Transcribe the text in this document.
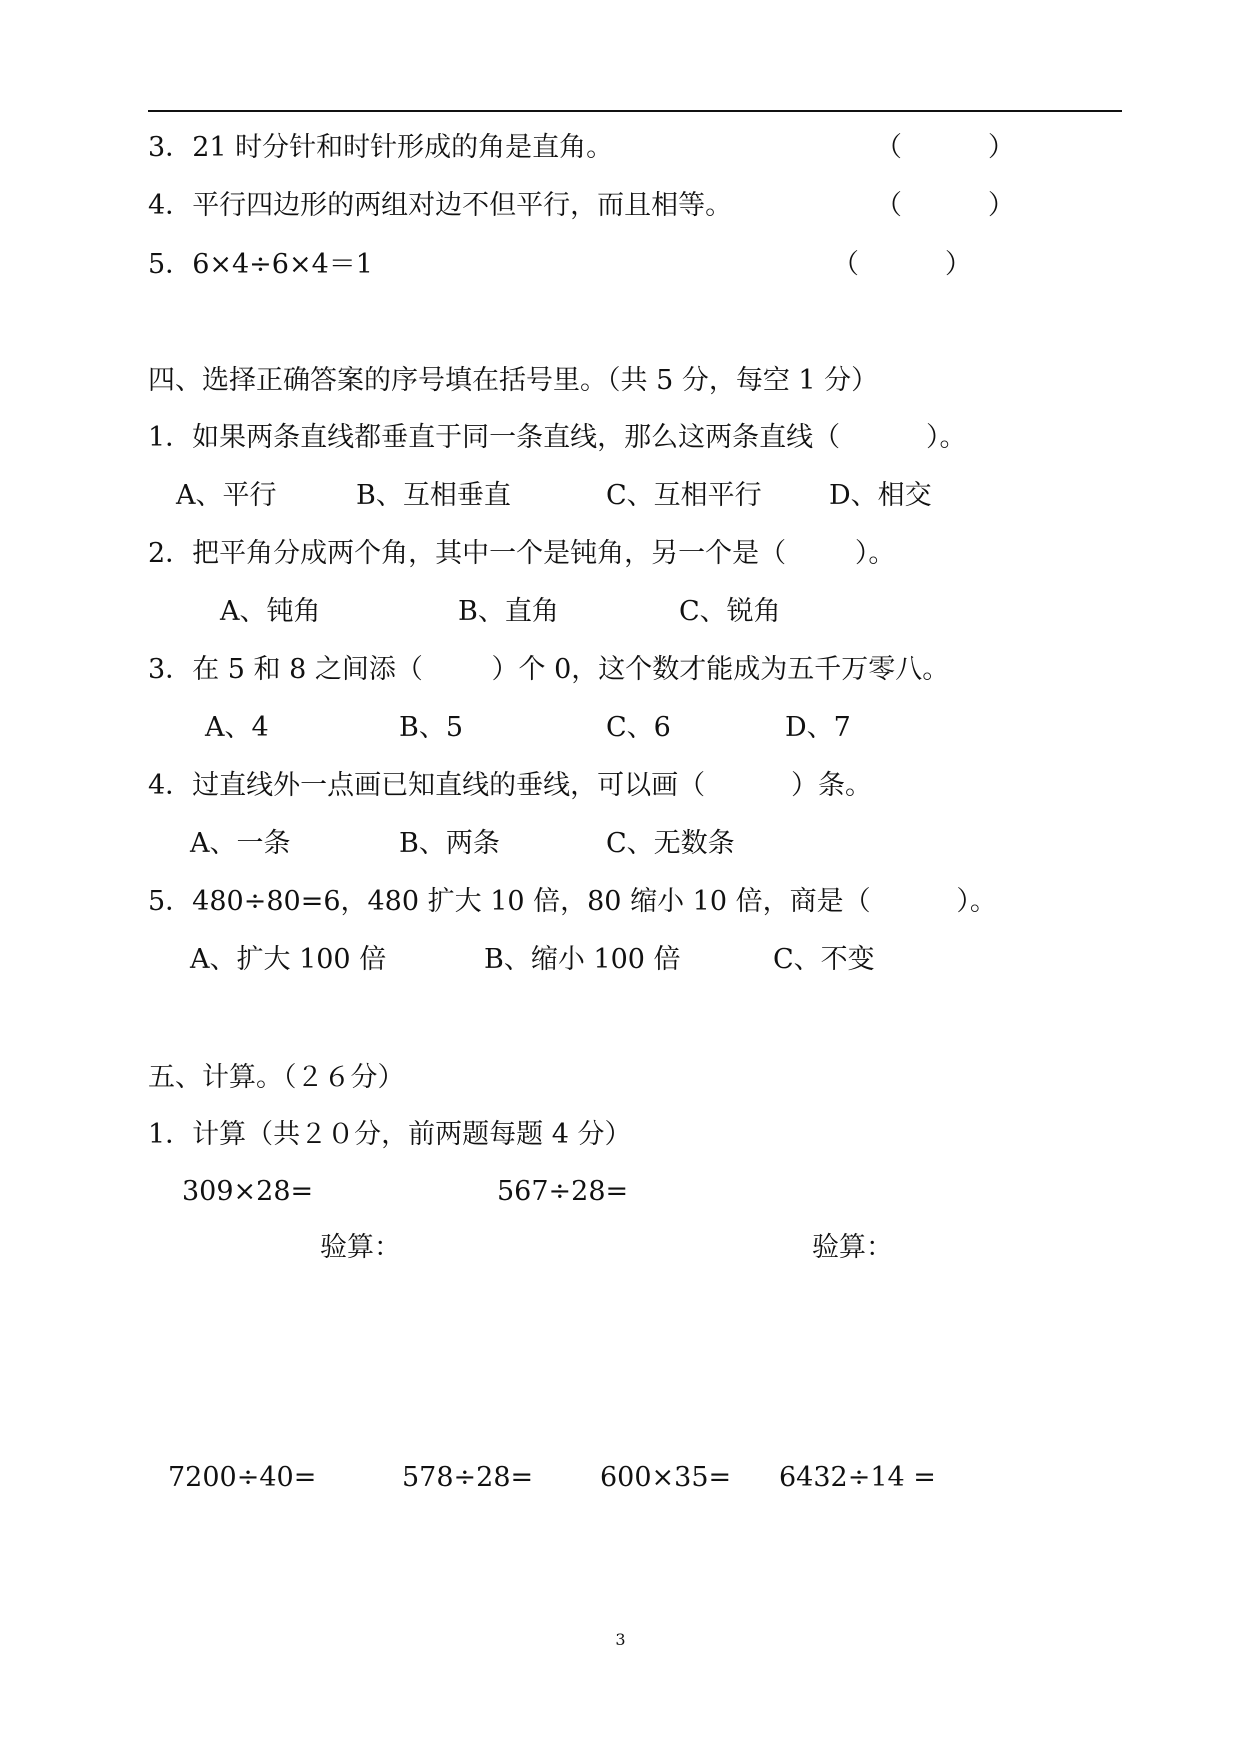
3．21 时分针和时针形成的角是直角。	（          ）
4．平行四边形的两组对边不但平行，而且相等。	（          ）
5．6×4÷6×4＝1	（          ）
四、选择正确答案的序号填在括号里。（共 5 分，每空 1 分）
1．如果两条直线都垂直于同一条直线，那么这两条直线（          ）。
A、平行	B、互相垂直	C、互相平行 D、相交
2．把平角分成两个角，其中一个是钝角，另一个是（        ）。
A、钝角	B、直角	C、锐角
3．在 5 和 8 之间添（        ）个 0，这个数才能成为五千万零八。
A、4	B、5	C、6	D、7
4．过直线外一点画已知直线的垂线，可以画（          ）条。
A、一条	B、两条	C、无数条
5．480÷80=6，480 扩大 10 倍，80 缩小 10 倍，商是（          ）。
A、扩大 100 倍	B、缩小 100 倍	C、不变
五、计算。（２６分）
1．计算（共２０分，前两题每题 4 分）
309×28=	567÷28=
验算：	验算：
7200÷40=	578÷28= 600×35= 6432÷14 =
3
